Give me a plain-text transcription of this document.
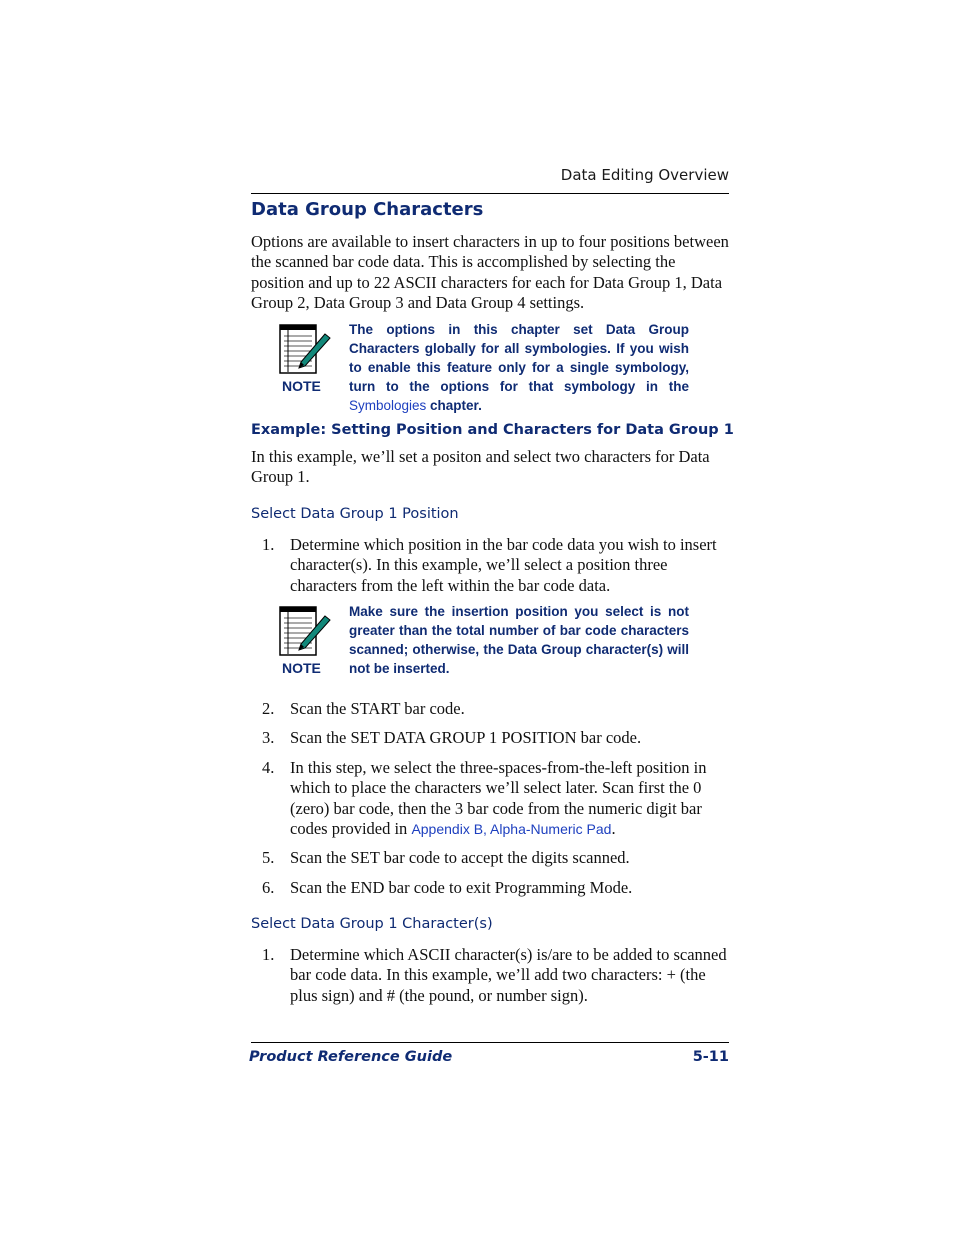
Data Editing Overview
Data Group Characters
Options are available to insert characters in up to four positions between the scanned bar code data. This is accomplished by selecting the position and up to 22 ASCII characters for each for Data Group 1, Data Group 2, Data Group 3 and Data Group 4 settings.
NOTE
The options in this chapter set Data Group Characters globally for all symbologies. If you wish to enable this feature only for a single symbology, turn to the options for that symbology in the Symbologies chapter.
Example: Setting Position and Characters for Data Group 1
In this example, we’ll set a positon and select two characters for Data Group 1.
Select Data Group 1 Position
1. Determine which position in the bar code data you wish to insert character(s). In this example, we’ll select a position three characters from the left within the bar code data.
NOTE
Make sure the insertion position you select is not greater than the total number of bar code characters scanned; otherwise, the Data Group character(s) will not be inserted.
2. Scan the START bar code.
3. Scan the SET DATA GROUP 1 POSITION bar code.
4. In this step, we select the three-spaces-from-the-left position in which to place the characters we’ll select later. Scan first the 0 (zero) bar code, then the 3 bar code from the numeric digit bar codes provided in Appendix B, Alpha-Numeric Pad.
5. Scan the SET bar code to accept the digits scanned.
6. Scan the END bar code to exit Programming Mode.
Select Data Group 1 Character(s)
1. Determine which ASCII character(s) is/are to be added to scanned bar code data. In this example, we’ll add two characters: + (the plus sign) and # (the pound, or number sign).
Product Reference Guide	5-11
